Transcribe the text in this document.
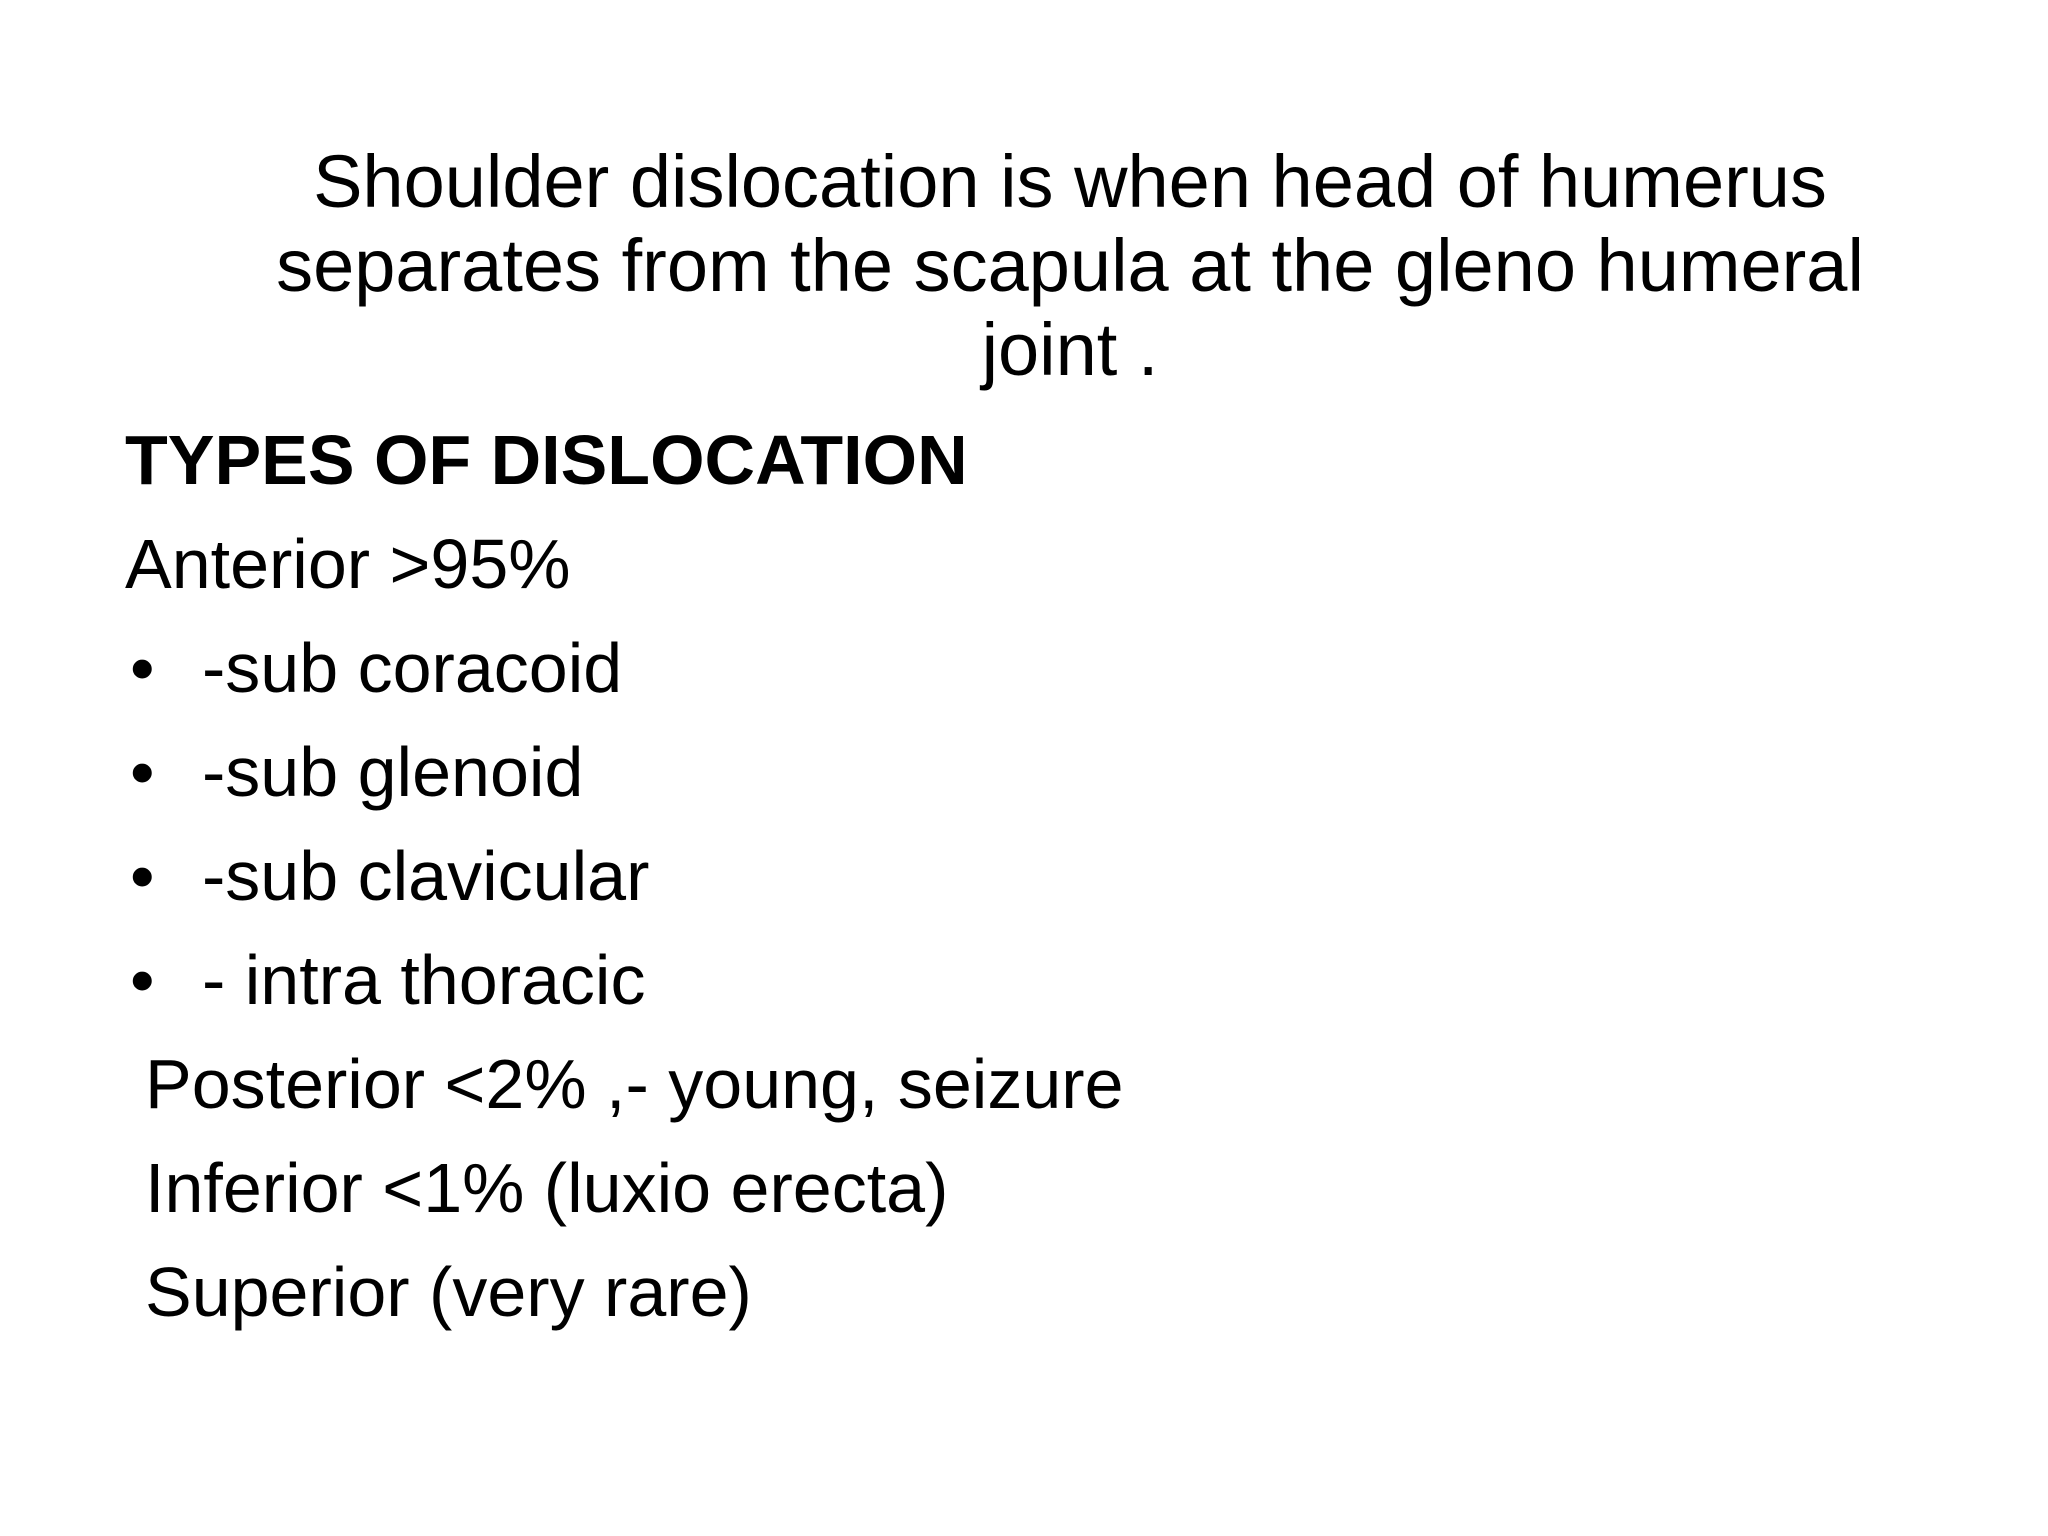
Shoulder dislocation is when head of humerus
separates from the scapula at the gleno humeral
joint .
TYPES OF DISLOCATION
Anterior >95%
• -sub coracoid
• -sub glenoid
• -sub clavicular
• - intra thoracic
Posterior <2% ,- young, seizure
Inferior <1% (luxio erecta)
Superior (very rare)
